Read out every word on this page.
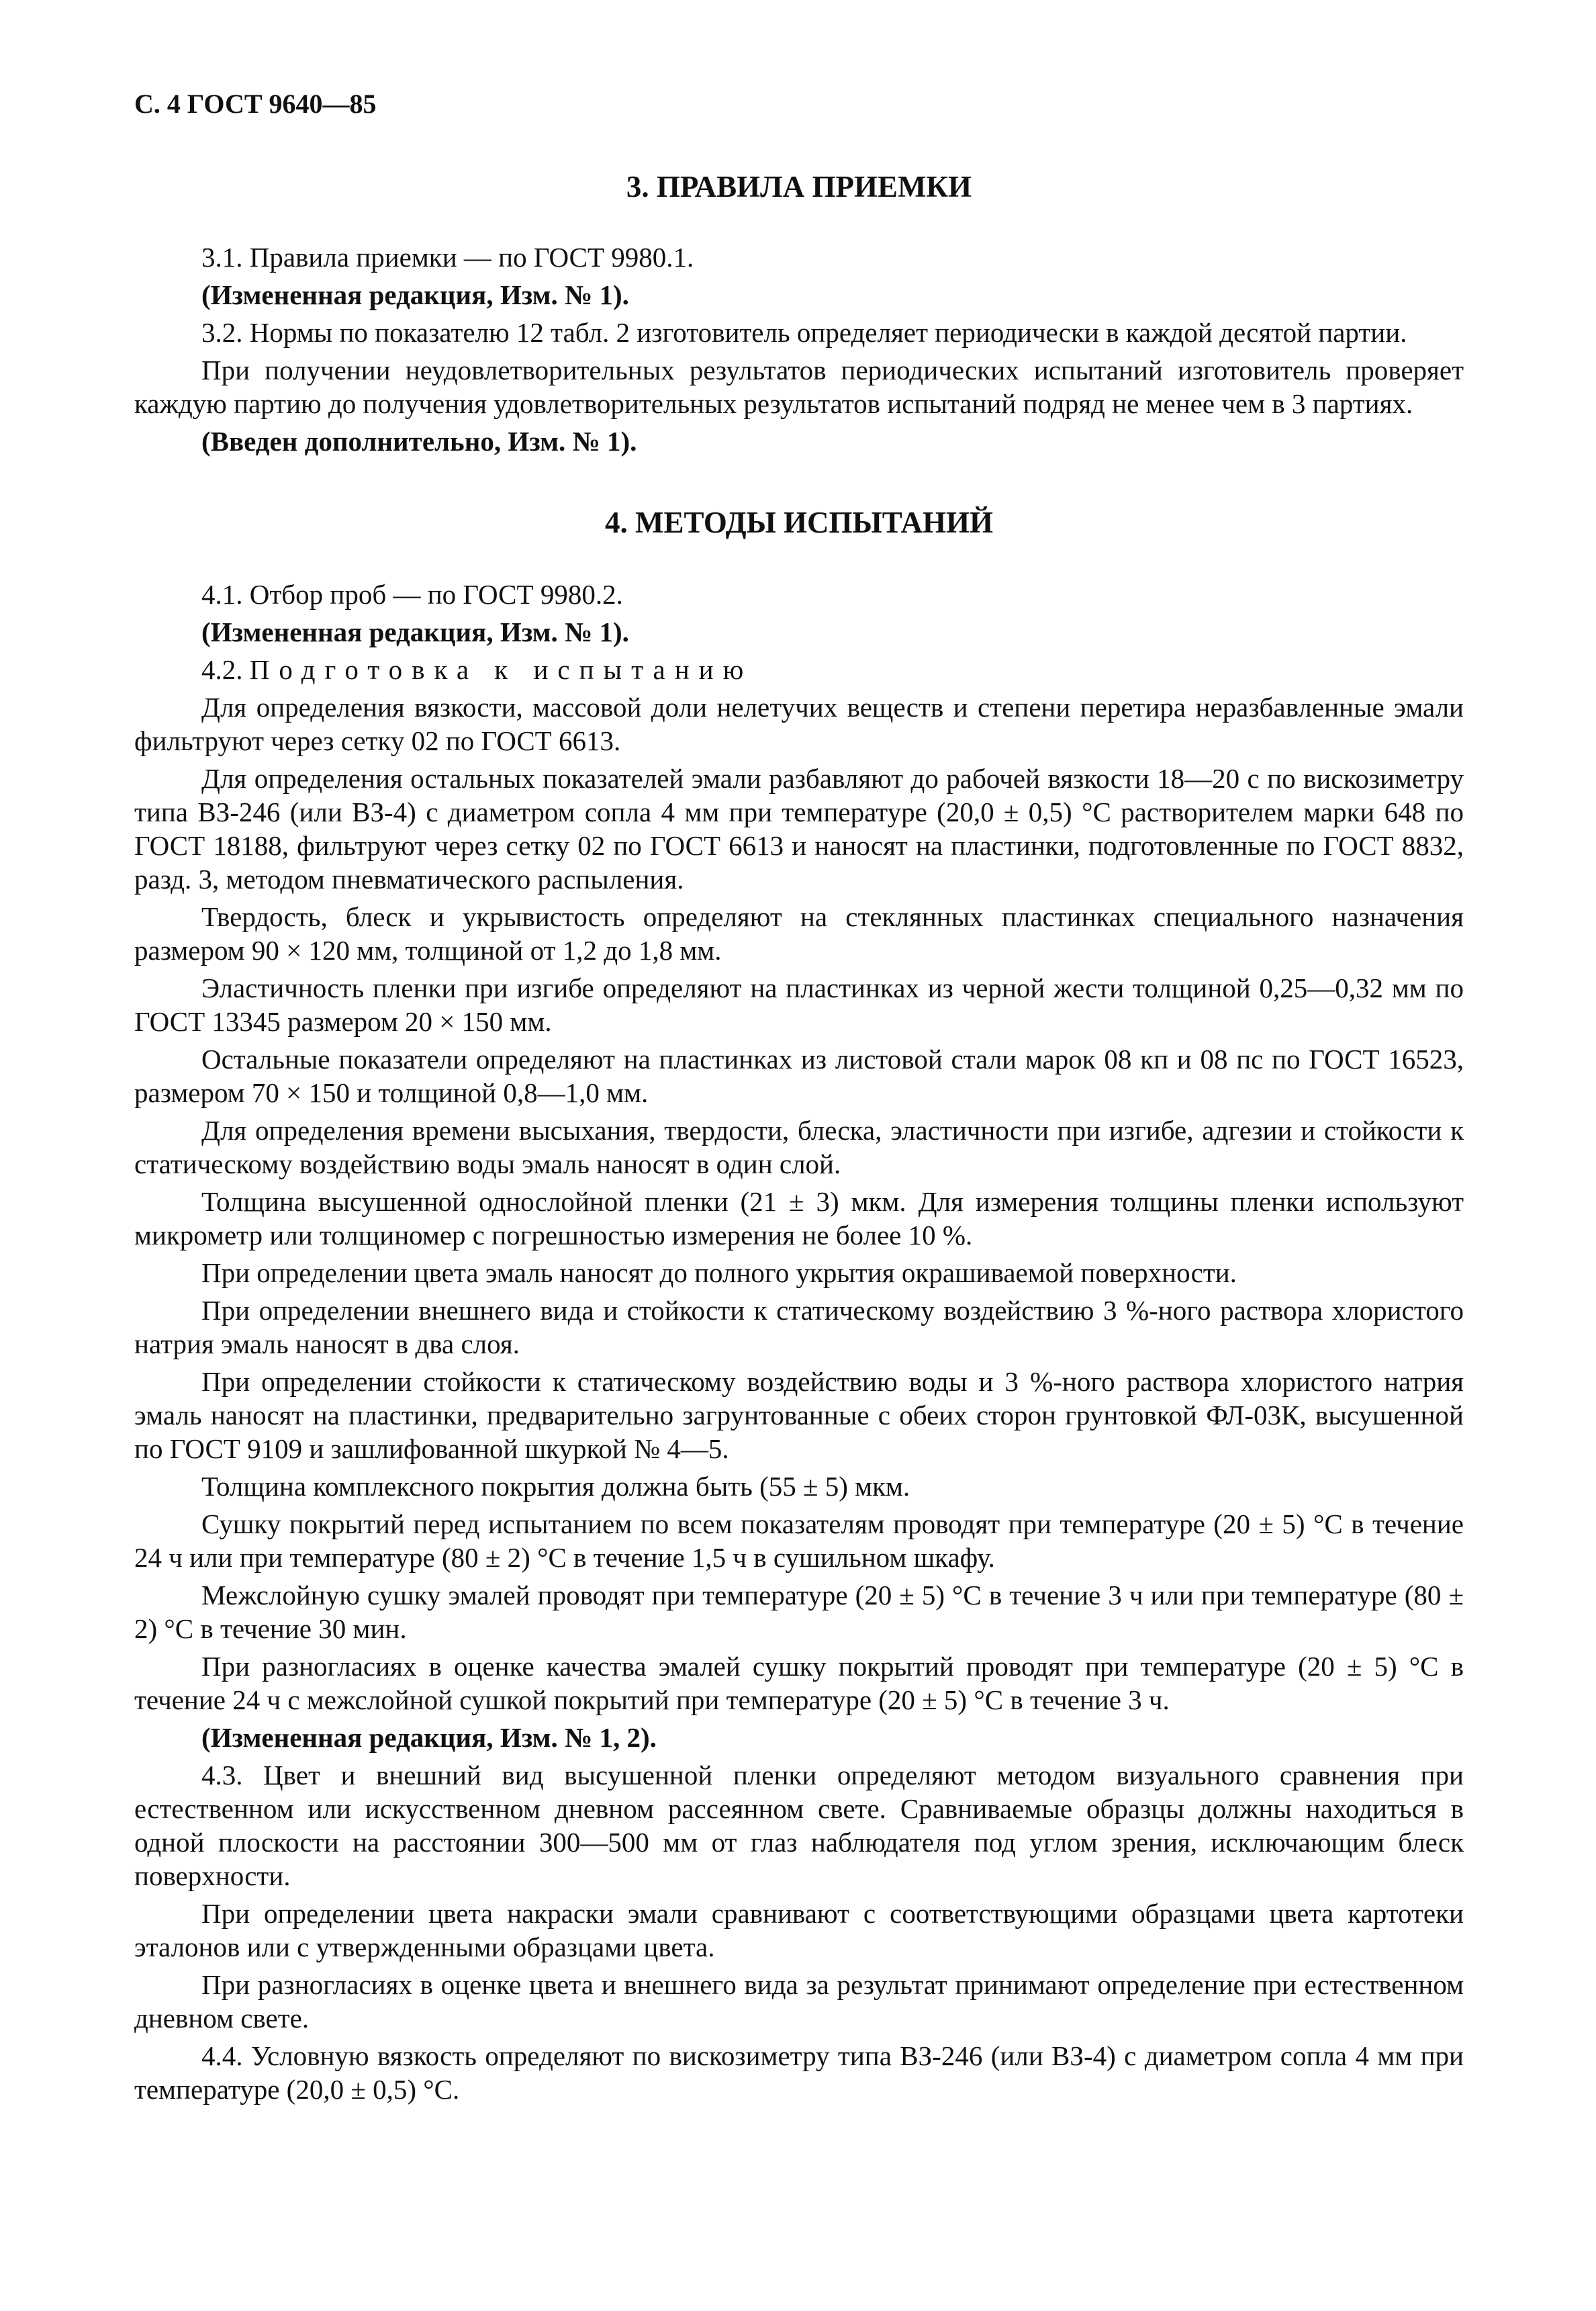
С. 4 ГОСТ 9640—85
3. ПРАВИЛА ПРИЕМКИ

3.1. Правила приемки — по ГОСТ 9980.1.

(Измененная редакция, Изм. № 1).

3.2. Нормы по показателю 12 табл. 2 изготовитель определяет периодически в каждой десятой партии.

При получении неудовлетворительных результатов периодических испытаний изготовитель проверяет каждую партию до получения удовлетворительных результатов испытаний подряд не менее чем в 3 партиях.

(Введен дополнительно, Изм. № 1).

4. МЕТОДЫ ИСПЫТАНИЙ

4.1. Отбор проб — по ГОСТ 9980.2.

(Измененная редакция, Изм. № 1).

4.2. Подготовка к испытанию

Для определения вязкости, массовой доли нелетучих веществ и степени перетира неразбавленные эмали фильтруют через сетку 02 по ГОСТ 6613.

Для определения остальных показателей эмали разбавляют до рабочей вязкости 18—20 с по вискозиметру типа ВЗ-246 (или ВЗ-4) с диаметром сопла 4 мм при температуре (20,0 ± 0,5) °С растворителем марки 648 по ГОСТ 18188, фильтруют через сетку 02 по ГОСТ 6613 и наносят на пластинки, подготовленные по ГОСТ 8832, разд. 3, методом пневматического распыления.

Твердость, блеск и укрывистость определяют на стеклянных пластинках специального назначения размером 90 × 120 мм, толщиной от 1,2 до 1,8 мм.

Эластичность пленки при изгибе определяют на пластинках из черной жести толщиной 0,25—0,32 мм по ГОСТ 13345 размером 20 × 150 мм.

Остальные показатели определяют на пластинках из листовой стали марок 08 кп и 08 пс по ГОСТ 16523, размером 70 × 150 и толщиной 0,8—1,0 мм.

Для определения времени высыхания, твердости, блеска, эластичности при изгибе, адгезии и стойкости к статическому воздействию воды эмаль наносят в один слой.

Толщина высушенной однослойной пленки (21 ± 3) мкм. Для измерения толщины пленки используют микрометр или толщиномер с погрешностью измерения не более 10 %.

При определении цвета эмаль наносят до полного укрытия окрашиваемой поверхности.

При определении внешнего вида и стойкости к статическому воздействию 3 %-ного раствора хлористого натрия эмаль наносят в два слоя.

При определении стойкости к статическому воздействию воды и 3 %-ного раствора хлористого натрия эмаль наносят на пластинки, предварительно загрунтованные с обеих сторон грунтовкой ФЛ-03К, высушенной по ГОСТ 9109 и зашлифованной шкуркой № 4—5.

Толщина комплексного покрытия должна быть (55 ± 5) мкм.

Сушку покрытий перед испытанием по всем показателям проводят при температуре (20 ± 5) °С в течение 24 ч или при температуре (80 ± 2) °С в течение 1,5 ч в сушильном шкафу.

Межслойную сушку эмалей проводят при температуре (20 ± 5) °С в течение 3 ч или при температуре (80 ± 2) °С в течение 30 мин.

При разногласиях в оценке качества эмалей сушку покрытий проводят при температуре (20 ± 5) °С в течение 24 ч с межслойной сушкой покрытий при температуре (20 ± 5) °С в течение 3 ч.

(Измененная редакция, Изм. № 1, 2).

4.3. Цвет и внешний вид высушенной пленки определяют методом визуального сравнения при естественном или искусственном дневном рассеянном свете. Сравниваемые образцы должны находиться в одной плоскости на расстоянии 300—500 мм от глаз наблюдателя под углом зрения, исключающим блеск поверхности.

При определении цвета накраски эмали сравнивают с соответствующими образцами цвета картотеки эталонов или с утвержденными образцами цвета.

При разногласиях в оценке цвета и внешнего вида за результат принимают определение при естественном дневном свете.

4.4. Условную вязкость определяют по вискозиметру типа ВЗ-246 (или ВЗ-4) с диаметром сопла 4 мм при температуре (20,0 ± 0,5) °С.
